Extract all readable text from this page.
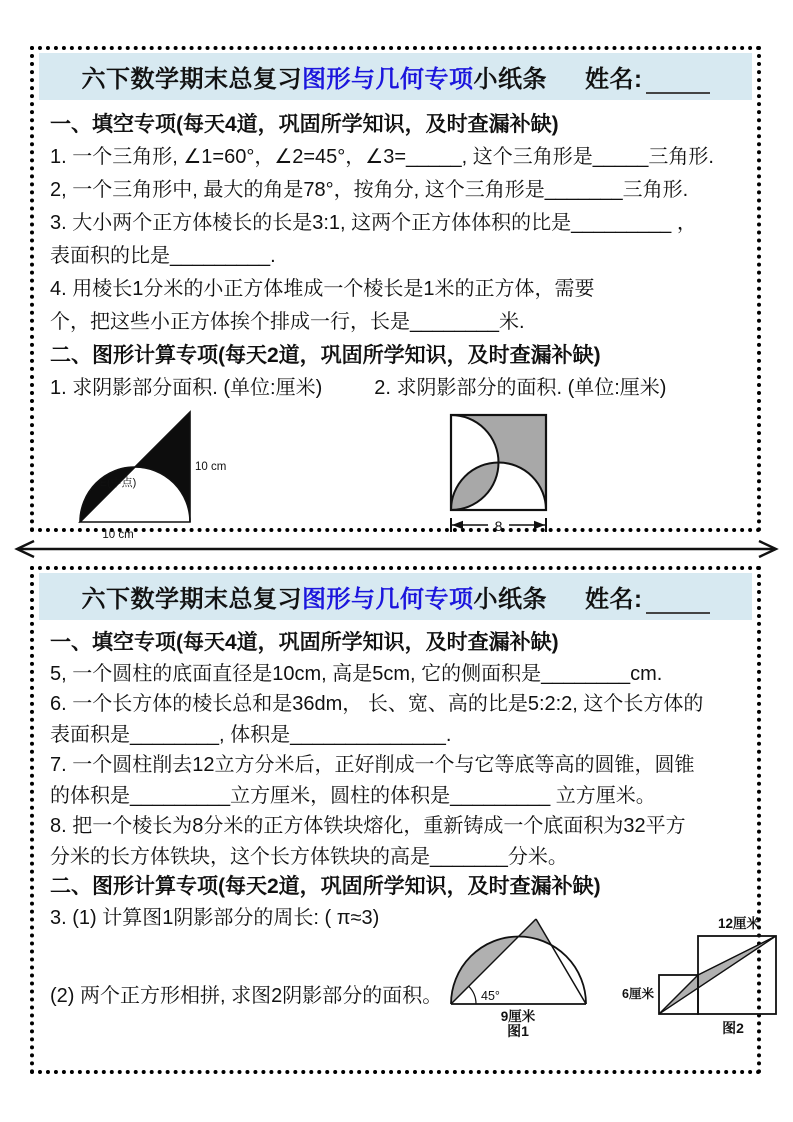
六下数学期末总复习 图形与几何专项 小纸条 姓名:
一、填空专项(每天4道，巩固所学知识，及时查漏补缺)
1. 一个三角形, ∠1=60°，∠2=45°，∠3=_____, 这个三角形是_____三角形.
2, 一个三角形中, 最大的角是78°，按角分, 这个三角形是_______三角形.
3. 大小两个正方体棱长的长是3:1, 这两个正方体体积的比是_________ ，
表面积的比是_________.
4. 用棱长1分米的小正方体堆成一个棱长是1米的正方体，需要
个，把这些小正方体挨个排成一行，长是________米.
二、图形计算专项(每天2道，巩固所学知识，及时查漏补缺)
1. 求阴影部分面积. (单位:厘米)	2. 求阴影部分的面积. (单位:厘米)
E(中点)
10 cm
10 cm
8
六下数学期末总复习 图形与几何专项 小纸条 姓名:
一、填空专项(每天4道，巩固所学知识，及时查漏补缺)
5, 一个圆柱的底面直径是10cm, 高是5cm, 它的侧面积是________cm.
6. 一个长方体的棱长总和是36dm， 长、宽、高的比是5:2:2, 这个长方体的
表面积是________, 体积是______________.
7. 一个圆柱削去12立方分米后，正好削成一个与它等底等高的圆锥，圆锥
的体积是_________立方厘米，圆柱的体积是_________ 立方厘米。
8. 把一个棱长为8分米的正方体铁块熔化，重新铸成一个底面积为32平方
分米的长方体铁块，这个长方体铁块的高是_______分米。
二、图形计算专项(每天2道，巩固所学知识，及时查漏补缺)
3. (1) 计算图1阴影部分的周长: ( π≈3)
(2) 两个正方形相拼, 求图2阴影部分的面积。	45°
9厘米
图1
12厘米
6厘米
图2
